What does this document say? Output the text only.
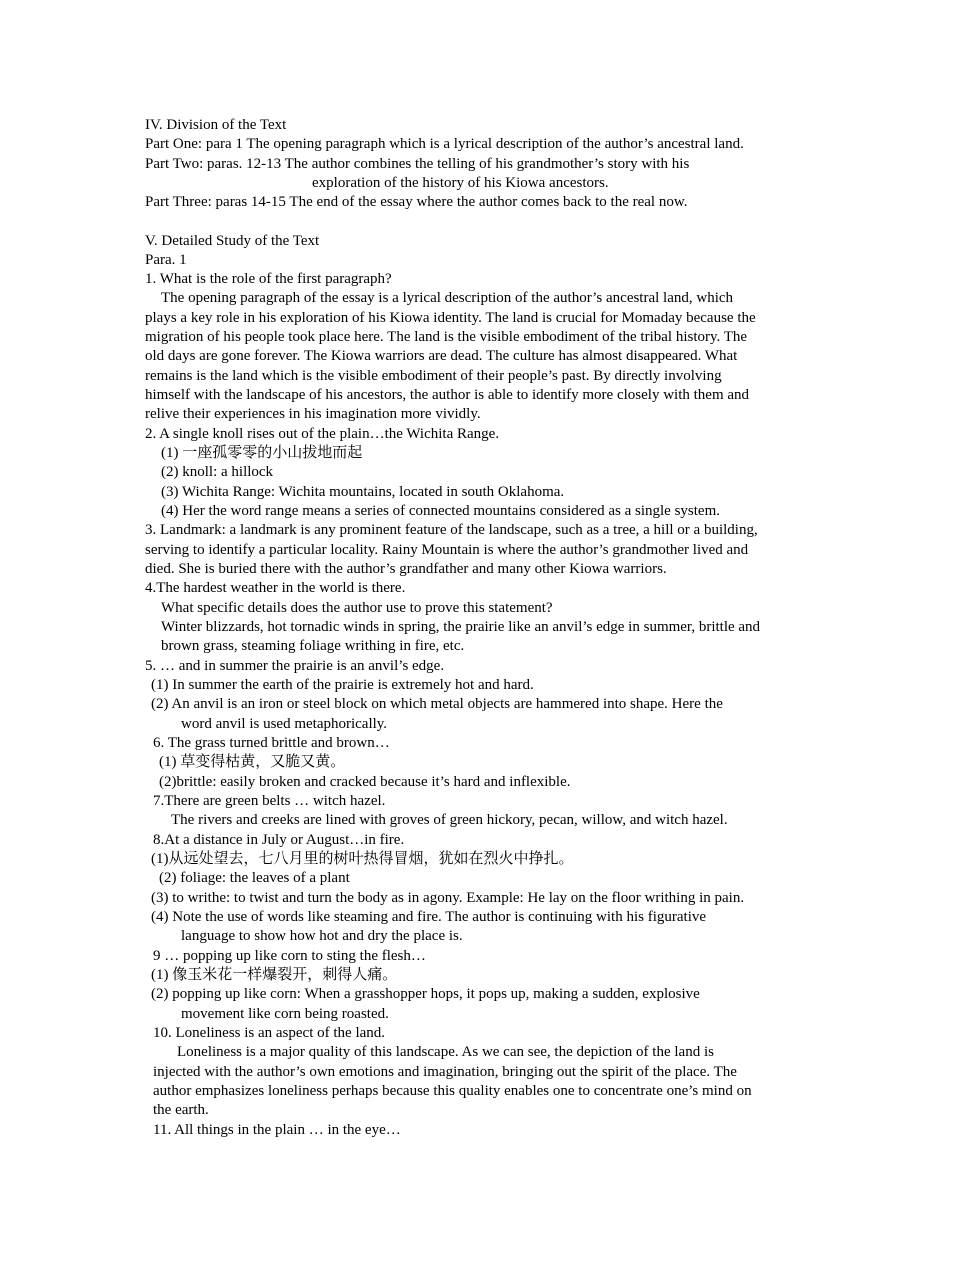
IV. Division of the Text
Part One: para 1 The opening paragraph which is a lyrical description of the author’s ancestral land.
Part Two: paras. 12-13 The author combines the telling of his grandmother’s story with his
exploration of the history of his Kiowa ancestors.
Part Three: paras 14-15 The end of the essay where the author comes back to the real now.
V. Detailed Study of the Text
Para. 1
1. What is the role of the first paragraph?
The opening paragraph of the essay is a lyrical description of the author’s ancestral land, which
plays a key role in his exploration of his Kiowa identity. The land is crucial for Momaday because the
migration of his people took place here. The land is the visible embodiment of the tribal history. The
old days are gone forever. The Kiowa warriors are dead. The culture has almost disappeared. What
remains is the land which is the visible embodiment of their people’s past. By directly involving
himself with the landscape of his ancestors, the author is able to identify more closely with them and
relive their experiences in his imagination more vividly.
2. A single knoll rises out of the plain…the Wichita Range.
(1) 一座孤零零的小山拔地而起
(2) knoll: a hillock
(3) Wichita Range: Wichita mountains, located in south Oklahoma.
(4) Her the word range means a series of connected mountains considered as a single system.
3. Landmark: a landmark is any prominent feature of the landscape, such as a tree, a hill or a building,
serving to identify a particular locality. Rainy Mountain is where the author’s grandmother lived and
died. She is buried there with the author’s grandfather and many other Kiowa warriors.
4.The hardest weather in the world is there.
What specific details does the author use to prove this statement?
Winter blizzards, hot tornadic winds in spring, the prairie like an anvil’s edge in summer, brittle and
brown grass, steaming foliage writhing in fire, etc.
5. … and in summer the prairie is an anvil’s edge.
(1) In summer the earth of the prairie is extremely hot and hard.
(2) An anvil is an iron or steel block on which metal objects are hammered into shape. Here the
word anvil is used metaphorically.
6. The grass turned brittle and brown…
(1) 草变得枯黄，又脆又黄。
(2)brittle: easily broken and cracked because it’s hard and inflexible.
7.There are green belts … witch hazel.
The rivers and creeks are lined with groves of green hickory, pecan, willow, and witch hazel.
8.At a distance in July or August…in fire.
(1)从远处望去，七八月里的树叶热得冒烟，犹如在烈火中挣扎。
(2) foliage: the leaves of a plant
(3) to writhe: to twist and turn the body as in agony. Example: He lay on the floor writhing in pain.
(4) Note the use of words like steaming and fire. The author is continuing with his figurative
language to show how hot and dry the place is.
9 … popping up like corn to sting the flesh…
(1) 像玉米花一样爆裂开，刺得人痛。
(2) popping up like corn: When a grasshopper hops, it pops up, making a sudden, explosive
movement like corn being roasted.
10. Loneliness is an aspect of the land.
Loneliness is a major quality of this landscape. As we can see, the depiction of the land is
injected with the author’s own emotions and imagination, bringing out the spirit of the place. The
author emphasizes loneliness perhaps because this quality enables one to concentrate one’s mind on
the earth.
11. All things in the plain … in the eye…
